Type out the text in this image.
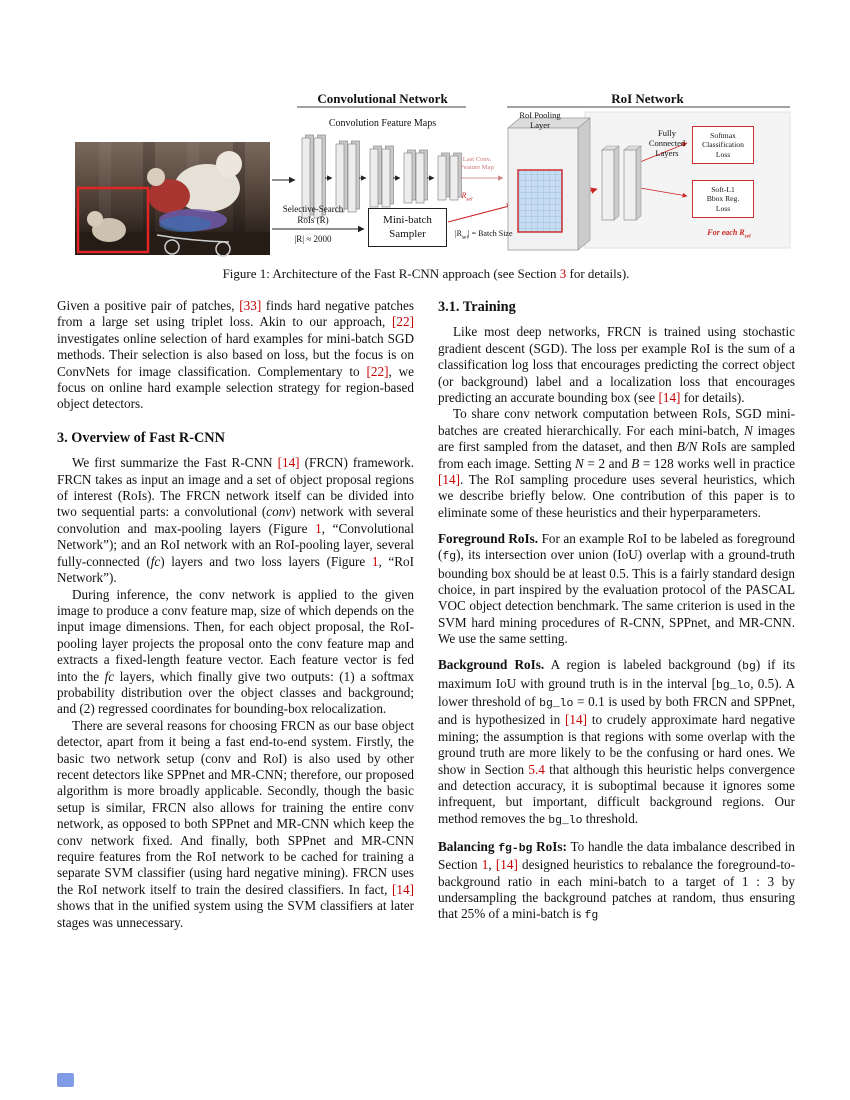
Convolutional Network	RoI Network
Convolution Feature Maps
Last Conv.
Feature Map
Selective-Search
RoIs (R)
|R| ≈ 2000
Mini-batch
Sampler
$R_{sel}$
$|R_{sel}|$ = Batch Size
RoI Pooling
Layer
Fully
Connected
Layers
Softmax
Classification
Loss
Soft-L1
Bbox Reg.
Loss
For each $R_{sel}$
Figure 1: Architecture of the Fast R-CNN approach (see Section 3 for details).

Given a positive pair of patches, [33] finds hard negative patches from a large set using triplet loss. Akin to our approach, [22] investigates online selection of hard examples for mini-batch SGD methods. Their selection is also based on loss, but the focus is on ConvNets for image classification. Complementary to [22], we focus on online hard example selection strategy for region-based object detectors.

3. Overview of Fast R-CNN

We first summarize the Fast R-CNN [14] (FRCN) framework. FRCN takes as input an image and a set of object proposal regions of interest (RoIs). The FRCN network itself can be divided into two sequential parts: a convolutional (conv) network with several convolution and max-pooling layers (Figure 1, “Convolutional Network”); and an RoI network with an RoI-pooling layer, several fully-connected (fc) layers and two loss layers (Figure 1, “RoI Network”).

During inference, the conv network is applied to the given image to produce a conv feature map, size of which depends on the input image dimensions. Then, for each object proposal, the RoI-pooling layer projects the proposal onto the conv feature map and extracts a fixed-length feature vector. Each feature vector is fed into the fc layers, which finally give two outputs: (1) a softmax probability distribution over the object classes and background; and (2) regressed coordinates for bounding-box relocalization.

There are several reasons for choosing FRCN as our base object detector, apart from it being a fast end-to-end system. Firstly, the basic two network setup (conv and RoI) is also used by other recent detectors like SPPnet and MR-CNN; therefore, our proposed algorithm is more broadly applicable. Secondly, though the basic setup is similar, FRCN also allows for training the entire conv network, as opposed to both SPPnet and MR-CNN which keep the conv network fixed. And finally, both SPPnet and MR-CNN require features from the RoI network to be cached for training a separate SVM classifier (using hard negative mining). FRCN uses the RoI network itself to train the desired classifiers. In fact, [14] shows that in the unified system using the SVM classifiers at later stages was unnecessary.

3.1. Training

Like most deep networks, FRCN is trained using stochastic gradient descent (SGD). The loss per example RoI is the sum of a classification log loss that encourages predicting the correct object (or background) label and a localization loss that encourages predicting an accurate bounding box (see [14] for details).

To share conv network computation between RoIs, SGD mini-batches are created hierarchically. For each mini-batch, N images are first sampled from the dataset, and then B/N RoIs are sampled from each image. Setting N = 2 and B = 128 works well in practice [14]. The RoI sampling procedure uses several heuristics, which we describe briefly below. One contribution of this paper is to eliminate some of these heuristics and their hyperparameters.

Foreground RoIs. For an example RoI to be labeled as foreground (fg), its intersection over union (IoU) overlap with a ground-truth bounding box should be at least 0.5. This is a fairly standard design choice, in part inspired by the evaluation protocol of the PASCAL VOC object detection benchmark. The same criterion is used in the SVM hard mining procedures of R-CNN, SPPnet, and MR-CNN. We use the same setting.

Background RoIs. A region is labeled background (bg) if its maximum IoU with ground truth is in the interval [bg_lo, 0.5). A lower threshold of bg_lo = 0.1 is used by both FRCN and SPPnet, and is hypothesized in [14] to crudely approximate hard negative mining; the assumption is that regions with some overlap with the ground truth are more likely to be the confusing or hard ones. We show in Section 5.4 that although this heuristic helps convergence and detection accuracy, it is suboptimal because it ignores some infrequent, but important, difficult background regions. Our method removes the bg_lo threshold.

Balancing fg-bg RoIs: To handle the data imbalance described in Section 1, [14] designed heuristics to rebalance the foreground-to-background ratio in each mini-batch to a target of 1 : 3 by undersampling the background patches at random, thus ensuring that 25% of a mini-batch is fg
